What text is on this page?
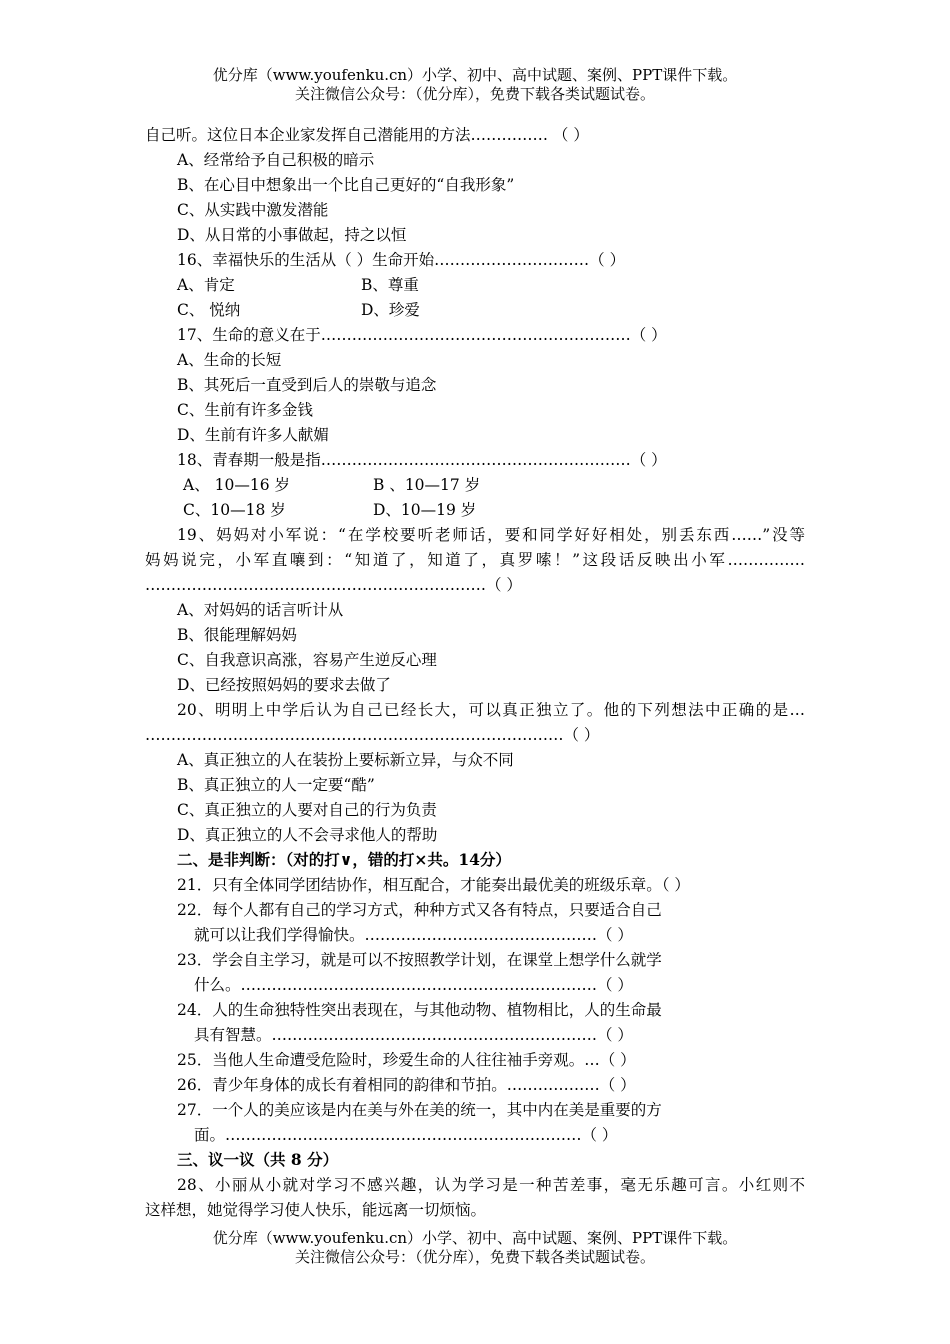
优分库（www.youfenku.cn）小学、初中、高中试题、案例、PPT课件下载。
关注微信公众号：（优分库），免费下载各类试题试卷。
自己听。这位日本企业家发挥自己潜能用的方法…………… （ ）
A、经常给予自己积极的暗示
B、在心目中想象出一个比自己更好的“自我形象”
C、从实践中激发潜能
D、从日常的小事做起，持之以恒
16、幸福快乐的生活从（ ）生命开始…………………………（ ）
A、肯定	B、尊重
C、 悦纳	D、珍爱
17、生命的意义在于……………………………………………………（ ）
A、生命的长短
B、其死后一直受到后人的崇敬与追念
C、生前有许多金钱
D、生前有许多人献媚
18、青春期一般是指……………………………………………………（ ）
A、 10—16 岁	B 、10—17 岁
C、10—18 岁	D、10—19 岁
19、妈妈对小军说：“在学校要听老师话，要和同学好好相处，别丢东西……”没等
妈妈说完，小军直嚷到：“知道了，知道了，真罗嗦！”这段话反映出小军……………
…………………………………………………………（ ）
A、对妈妈的话言听计从
B、很能理解妈妈
C、自我意识高涨，容易产生逆反心理
D、已经按照妈妈的要求去做了
20、明明上中学后认为自己已经长大，可以真正独立了。他的下列想法中正确的是…
………………………………………………………………………（ ）
A、真正独立的人在装扮上要标新立异，与众不同
B、真正独立的人一定要“酷”
C、真正独立的人要对自己的行为负责
D、真正独立的人不会寻求他人的帮助
二、是非判断：（对的打∨，错的打×共。14分）
21．只有全体同学团结协作，相互配合，才能奏出最优美的班级乐章。（ ）
22．每个人都有自己的学习方式，种种方式又各有特点，只要适合自己
就可以让我们学得愉快。………………………………………（ ）
23．学会自主学习，就是可以不按照教学计划，在课堂上想学什么就学
什么。……………………………………………………………（ ）
24．人的生命独特性突出表现在，与其他动物、植物相比，人的生命最
具有智慧。………………………………………………………（ ）
25．当他人生命遭受危险时，珍爱生命的人往往袖手旁观。…（ ）
26．青少年身体的成长有着相同的韵律和节拍。………………（ ）
27．一个人的美应该是内在美与外在美的统一，其中内在美是重要的方
面。……………………………………………………………（ ）
三、议一议（共 8 分）
28、小丽从小就对学习不感兴趣，认为学习是一种苦差事，毫无乐趣可言。小红则不
这样想，她觉得学习使人快乐，能远离一切烦恼。
优分库（www.youfenku.cn）小学、初中、高中试题、案例、PPT课件下载。
关注微信公众号：（优分库），免费下载各类试题试卷。
